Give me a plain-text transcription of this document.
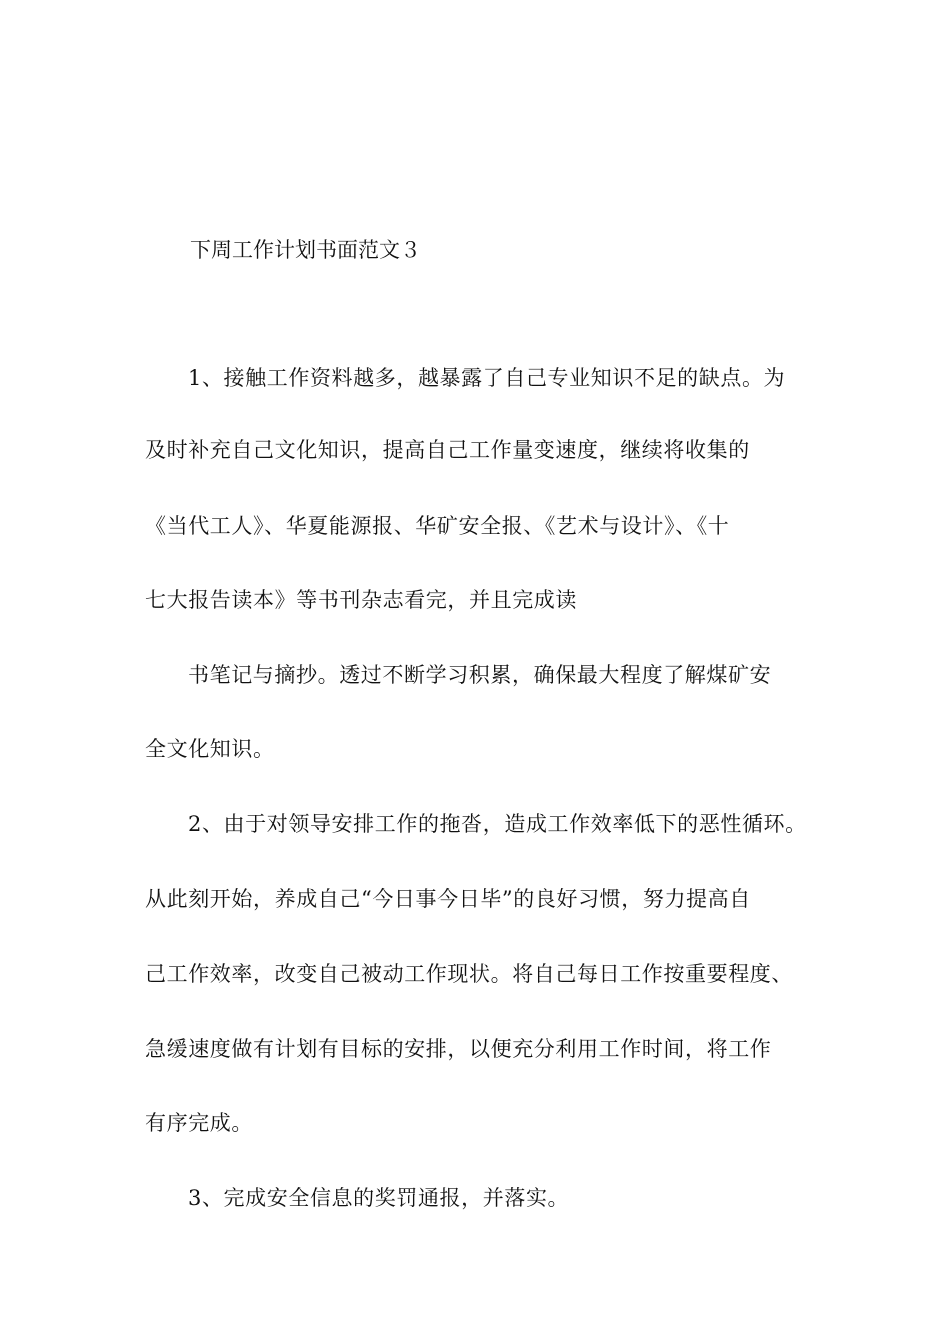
下周工作计划书面范文３
1、接触工作资料越多，越暴露了自己专业知识不足的缺点。为
及时补充自己文化知识，提高自己工作量变速度，继续将收集的
《当代工人》、华夏能源报、华矿安全报、《艺术与设计》、《十
七大报告读本》等书刊杂志看完，并且完成读
书笔记与摘抄。透过不断学习积累，确保最大程度了解煤矿安
全文化知识。
2、由于对领导安排工作的拖沓，造成工作效率低下的恶性循环。
从此刻开始，养成自己“今日事今日毕”的良好习惯，努力提高自
己工作效率，改变自己被动工作现状。将自己每日工作按重要程度、
急缓速度做有计划有目标的安排，以便充分利用工作时间，将工作
有序完成。
3、完成安全信息的奖罚通报，并落实。
